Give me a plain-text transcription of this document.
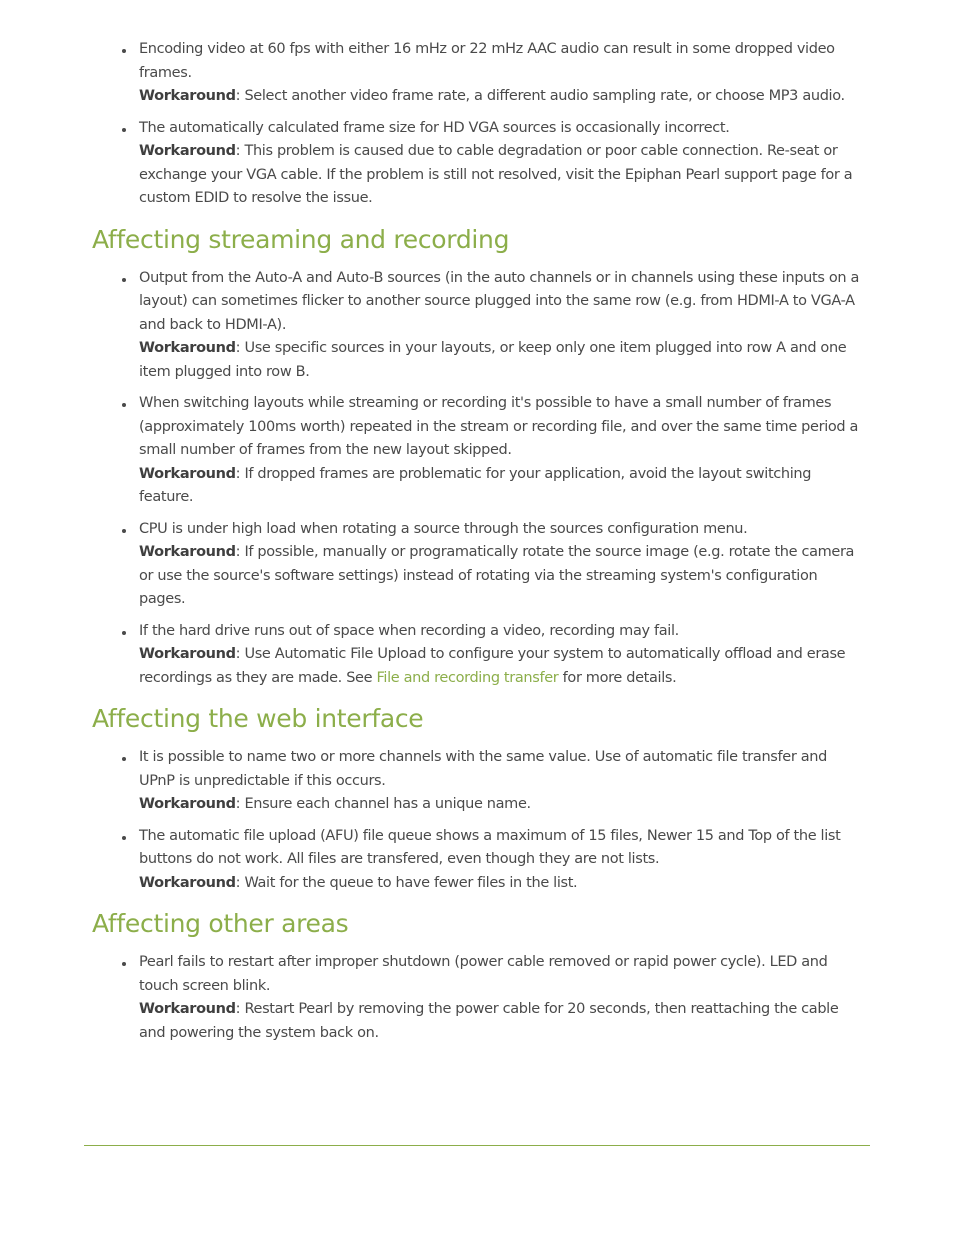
Encoding video at 60 fps with either 16 mHz or 22 mHz AAC audio can result in some dropped video frames.
Workaround: Select another video frame rate, a different audio sampling rate, or choose MP3 audio.
The automatically calculated frame size for HD VGA sources is occasionally incorrect.
Workaround: This problem is caused due to cable degradation or poor cable connection. Re-seat or exchange your VGA cable. If the problem is still not resolved, visit the Epiphan Pearl support page for a custom EDID to resolve the issue.
Affecting streaming and recording
Output from the Auto-A and Auto-B sources (in the auto channels or in channels using these inputs on a layout) can sometimes flicker to another source plugged into the same row (e.g. from HDMI-A to VGA-A and back to HDMI-A).
Workaround: Use specific sources in your layouts, or keep only one item plugged into row A and one item plugged into row B.
When switching layouts while streaming or recording it's possible to have a small number of frames (approximately 100ms worth) repeated in the stream or recording file, and over the same time period a small number of frames from the new layout skipped.
Workaround: If dropped frames are problematic for your application, avoid the layout switching feature.
CPU is under high load when rotating a source through the sources configuration menu.
Workaround: If possible, manually or programatically rotate the source image (e.g. rotate the camera or use the source's software settings) instead of rotating via the streaming system's configuration pages.
If the hard drive runs out of space when recording a video, recording may fail.
Workaround: Use Automatic File Upload to configure your system to automatically offload and erase recordings as they are made. See File and recording transfer for more details.
Affecting the web interface
It is possible to name two or more channels with the same value. Use of automatic file transfer and UPnP is unpredictable if this occurs.
Workaround: Ensure each channel has a unique name.
The automatic file upload (AFU) file queue shows a maximum of 15 files, Newer 15 and Top of the list buttons do not work. All files are transfered, even though they are not lists.
Workaround: Wait for the queue to have fewer files in the list.
Affecting other areas
Pearl fails to restart after improper shutdown (power cable removed or rapid power cycle). LED and touch screen blink.
Workaround: Restart Pearl by removing the power cable for 20 seconds, then reattaching the cable and powering the system back on.
